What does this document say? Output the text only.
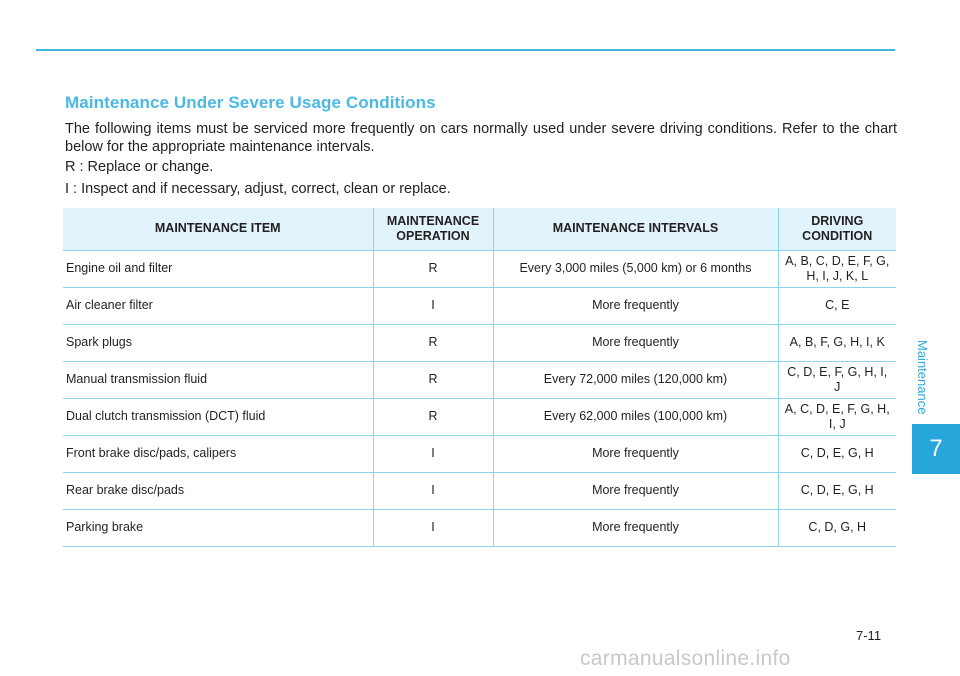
Maintenance Under Severe Usage Conditions
The following items must be serviced more frequently on cars normally used under severe driving conditions. Refer to the chart below for the appropriate maintenance intervals.
R : Replace or change.
I : Inspect and if necessary, adjust, correct, clean or replace.
MAINTENANCE ITEM	MAINTENANCE OPERATION	MAINTENANCE INTERVALS	DRIVING CONDITION
Engine oil and filter	R	Every 3,000 miles (5,000 km) or 6 months	A, B, C, D, E, F, G, H, I, J, K, L
Air cleaner filter	I	More frequently	C, E
Spark plugs	R	More frequently	A, B, F, G, H, I, K
Manual transmission fluid	R	Every 72,000 miles (120,000 km)	C, D, E, F, G, H, I, J
Dual clutch transmission (DCT) fluid	R	Every 62,000 miles (100,000 km)	A, C, D, E, F, G, H, I, J
Front brake disc/pads, calipers	I	More frequently	C, D, E, G, H
Rear brake disc/pads	I	More frequently	C, D, E, G, H
Parking brake	I	More frequently	C, D, G, H
Maintenance
7
7-11
carmanualsonline.info
